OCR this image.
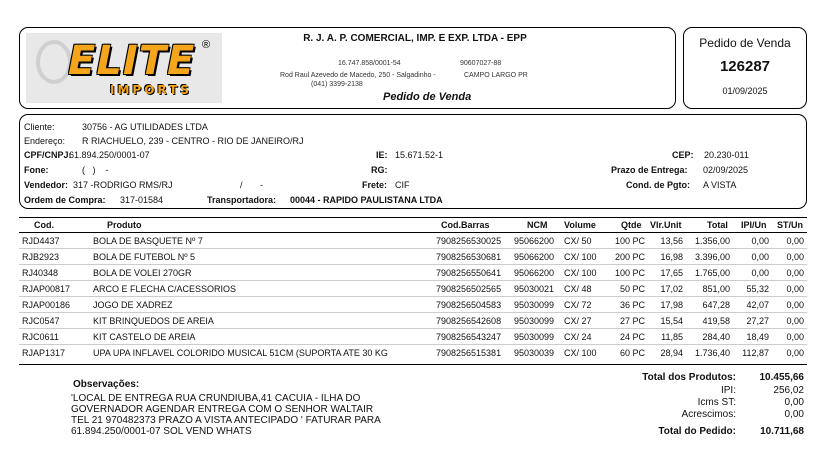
ELITE
IMPORTS
®
R. J. A. P. COMERCIAL, IMP. E EXP. LTDA - EPP
16.747.858/0001-54	90607027-88
Rod Raul Azevedo de Macedo, 250 - Salgadinho -	CAMPO LARGO PR
(041) 3399-2138
Pedido de Venda
Pedido de Venda
126287
01/09/2025
Cliente:	30756 - AG UTILIDADES LTDA
Endereço: R RIACHUELO, 239 - CENTRO - RIO DE JANEIRO/RJ
CPF/CNPJ:
61.894.250/0001-07	IE: 15.671.52-1	CEP: 20.230-011
Fone:	(   )    -	RG:	Prazo de Entrega: 02/09/2025
Vendedor: 317 -RODRIGO RMS/RJ	/       -	Frete: CIF	Cond. de Pgto: A VISTA
Ordem de Compra: 317-01584	Transportadora: 00044 - RAPIDO PAULISTANA LTDA
Cod.	Produto	Cod.Barras	NCM Volume	Qtde Vlr.Unit	Total IPI/Un ST/Un
RJD4437	BOLA DE BASQUETE Nº 7	7908256530025 95066200	CX/ 50	100 PC	13,56	1.356,00	0,00	0,00
RJB2923	BOLA DE FUTEBOL Nº 5	7908256530681 95066200	CX/ 100	200 PC	16,98	3.396,00	0,00	0,00
RJ40348	BOLA DE VOLEI 270GR	7908256550641 95066200	CX/ 100	100 PC	17,65	1.765,00	0,00	0,00
RJAP00817	ARCO E FLECHA C/ACESSORIOS	7908256502565 95030021	CX/ 48	50 PC	17,02	851,00	55,32	0,00
RJAP00186	JOGO DE XADREZ	7908256504583 95030099	CX/ 72	36 PC	17,98	647,28	42,07	0,00
RJC0547	KIT BRINQUEDOS DE AREIA	7908256542608 95030099	CX/ 27	27 PC	15,54	419,58	27,27	0,00
RJC0611	KIT CASTELO DE AREIA	7908256543247 95030099	CX/ 24	24 PC	11,85	284,40	18,49	0,00
RJAP1317	UPA UPA INFLAVEL COLORIDO MUSICAL 51CM (SUPORTA ATE 30 KG	7908256515381 95030039	CX/ 100	60 PC	28,94	1.736,40	112,87	0,00
Observações:
'LOCAL DE ENTREGA RUA CRUNDIUBA,41 CACUIA - ILHA DO
GOVERNADOR AGENDAR ENTREGA COM O SENHOR WALTAIR
TEL 21 970482373 PRAZO A VISTA ANTECIPADO ' FATURAR PARA
61.894.250/0001-07 SOL VEND WHATS
Total dos Produtos:	10.455,66
IPI:	256,02
Icms ST:	0,00
Acrescimos:	0,00
Total do Pedido:	10.711,68
